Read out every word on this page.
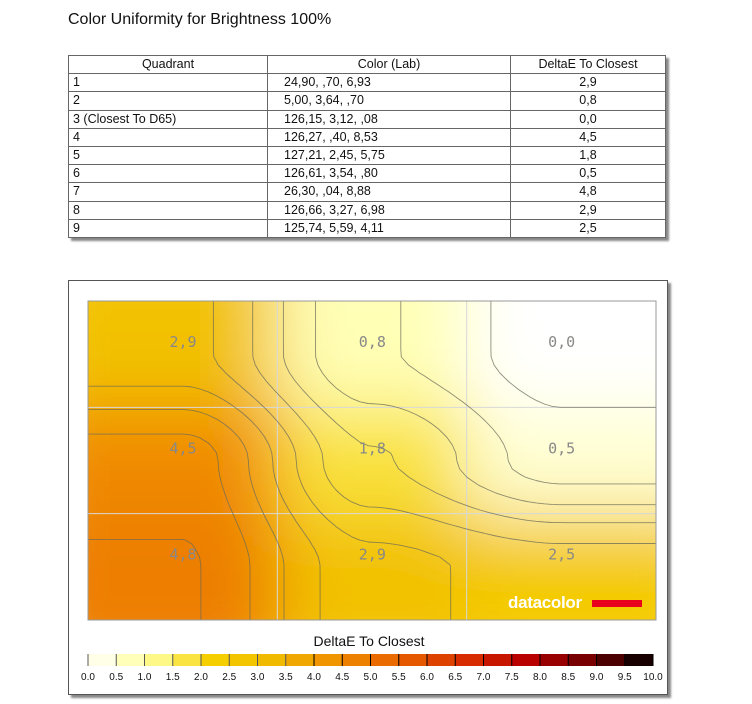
Color Uniformity for Brightness 100%
Quadrant	Color (Lab)	DeltaE To Closest
1	24,90, ,70, 6,93	2,9
2	5,00, 3,64, ,70	0,8
3 (Closest To D65)	126,15, 3,12, ,08	0,0
4	126,27, ,40, 8,53	4,5
5	127,21, 2,45, 5,75	1,8
6	126,61, 3,54, ,80	0,5
7	26,30, ,04, 8,88	4,8
8	126,66, 3,27, 6,98	2,9
9	125,74, 5,59, 4,11	2,5
2,9	0,8	0,0
4,5	1,8	0,5
4,8	2,9	2,5
datacolor
DeltaE To Closest
0.0 0.5 1.0 1.5 2.0 2.5 3.0 3.5 4.0 4.5 5.0 5.5 6.0 6.5 7.0 7.5 8.0 8.5 9.0 9.5 10.0
